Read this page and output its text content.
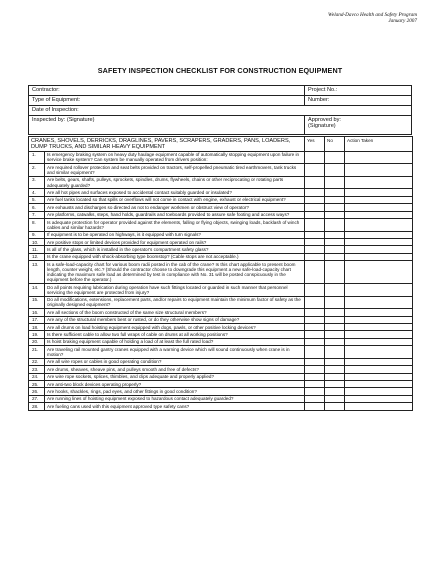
Weland-Davco Health and Safety Program
January 2007
SAFETY INSPECTION CHECKLIST FOR CONSTRUCTION EQUIPMENT
Contractor:	Project No.:
Type of Equipment:	Number:
Date of Inspection:
Inspected by: (Signature)	Approved by:
(Signature)
CRANES, SHOVELS, DERRICKS, DRAGLINES, PAVERS, SCRAPERS, GRADERS, PANS, LOADERS, DUMP TRUCKS, AND SIMILAR HEAVY EQUIPMENT		Yes	No	Action Taken
1.	Is emergency braking system on heavy duty haulage equipment capable of automatically stopping equipment upon failure in service brake system? Can system be manually operated from drivers position:			
2.	Are required rollover protection and seat belts provided on tractors, self-propelled pneumatic tired earthmovers, tank trucks and similar equipment?			
3.	Are belts, gears, shafts, pulleys, sprockets, spindles, drums, flywheels, chains or other reciprocating or rotating parts adequately guarded?			
4.	Are all hot pipes and surfaces exposed to accidental contact suitably guarded or insulated?			
5.	Are fuel tanks located so that spills or overflows will not come in contact with engine, exhaust or electrical equipment?			
6.	Are exhausts and discharges so directed as not to endanger workmen or obstruct view of operator?			
7.	Are platforms, catwalks, steps, hand holds, guardrails and toeboards provided to assure safe footing and access ways?			
8.	Is adequate protection for operator provided against the elements, falling or flying objects, swinging loads, backlash of winch cables and similar hazards?			
9.	If equipment is to be operated on highways, is it equipped with turn signals?			
10.	Are positive stops or limited devices provided for equipment operated on rails?			
11.	Is all of the glass, which is installed in the operator's compartment safety glass?			
12.	Is the crane equipped with shock-absorbing type boomstop? (Cable stops are not acceptable.)			
13.	Is a safe-load-capacity chart for various boom radii posted in the cab of the crane? Is this chart applicable to present boom length, counter weight, etc.? (Should the contractor choose to downgrade this equipment a new safe-load-capacity chart indicating the maximum safe load as determined by test in compliance with No. 31 will be posted conspicuously in the equipment before the operator.)			
14.	Do all points requiring lubrication during operation have such fittings located or guarded in such manner that personnel servicing the equipment are protected from injury?			
15.	Do all modifications, extensions, replacement parts, and/or repairs to equipment maintain the minimum factor of safety as the originally designed equipment?			
16.	Are all sections of the boom constructed of the same size structural members?			
17.	Are any of the structural members bent or rusted, or do they otherwise show signs of damage?			
18.	Are all drums on load hoisting equipment equipped with dogs, pawls, or other positive locking devices?			
19.	Is there sufficient cable to allow two full wraps of cable on drums at all working positions?			
20.	Is hoist braking equipment capable of holding a load of at least the full rated load?			
21.	Are traveling rail mounted gantry cranes equipped with a warning device which will sound continuously when crane is in motion?			
22.	Are all wire ropes or cables in good operating condition?			
23.	Are drums, sheaves, sheave pins, and pulleys smooth and free of defects?			
24.	Are wire rope sockets, splices, thimbles, and clips adequate and properly applied?			
25.	Are anti-two block devices operating properly?			
26.	Are hooks, shackles, rings, pad eyes, and other fittings in good condition?			
27.	Are running lines of hoisting equipment exposed to hazardous contact adequately guarded?			
28.	Are fueling cans used with this equipment approved type safety cans?			
